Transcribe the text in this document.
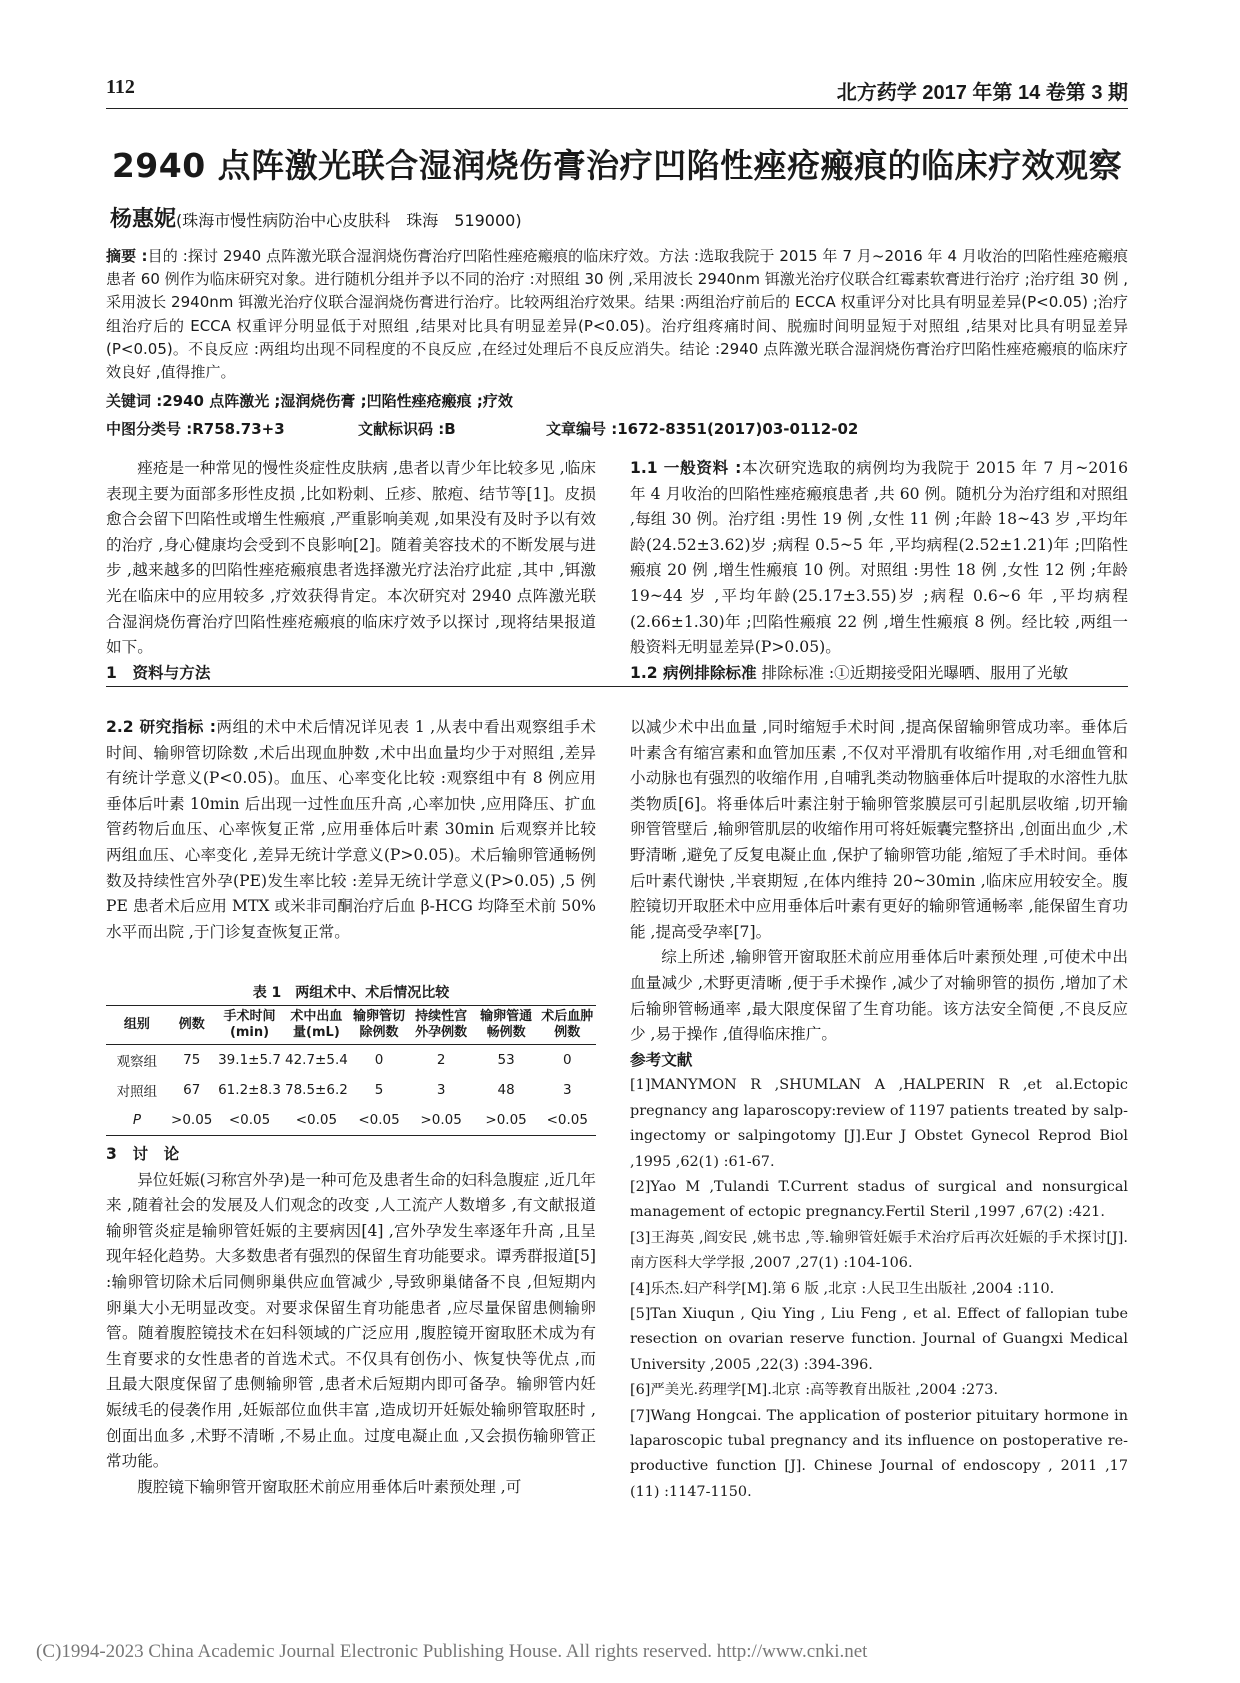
112	北方药学 2017 年第 14 卷第 3 期
2940 点阵激光联合湿润烧伤膏治疗凹陷性痤疮瘢痕的临床疗效观察
杨惠妮(珠海市慢性病防治中心皮肤科　珠海　519000)
摘要 :目的 :探讨 2940 点阵激光联合湿润烧伤膏治疗凹陷性痤疮瘢痕的临床疗效。方法 :选取我院于 2015 年 7 月~2016 年 4 月收治的凹陷性痤疮瘢痕患者 60 例作为临床研究对象。进行随机分组并予以不同的治疗 :对照组 30 例 ,采用波长 2940nm 铒激光治疗仪联合红霉素软膏进行治疗 ;治疗组 30 例 ,采用波长 2940nm 铒激光治疗仪联合湿润烧伤膏进行治疗。比较两组治疗效果。结果 :两组治疗前后的 ECCA 权重评分对比具有明显差异(P<0.05) ;治疗组治疗后的 ECCA 权重评分明显低于对照组 ,结果对比具有明显差异(P<0.05)。治疗组疼痛时间、脱痂时间明显短于对照组 ,结果对比具有明显差异(P<0.05)。不良反应 :两组均出现不同程度的不良反应 ,在经过处理后不良反应消失。结论 :2940 点阵激光联合湿润烧伤膏治疗凹陷性痤疮瘢痕的临床疗效良好 ,值得推广。
关键词 :2940 点阵激光 ;湿润烧伤膏 ;凹陷性痤疮瘢痕 ;疗效
中图分类号 :R758.73+3	文献标识码 :B	文章编号 :1672-8351(2017)03-0112-02

痤疮是一种常见的慢性炎症性皮肤病 ,患者以青少年比较多见 ,临床表现主要为面部多形性皮损 ,比如粉刺、丘疹、脓疱、结节等[1]。皮损愈合会留下凹陷性或增生性瘢痕 ,严重影响美观 ,如果没有及时予以有效的治疗 ,身心健康均会受到不良影响[2]。随着美容技术的不断发展与进步 ,越来越多的凹陷性痤疮瘢痕患者选择激光疗法治疗此症 ,其中 ,铒激光在临床中的应用较多 ,疗效获得肯定。本次研究对 2940 点阵激光联合湿润烧伤膏治疗凹陷性痤疮瘢痕的临床疗效予以探讨 ,现将结果报道如下。

1　资料与方法

1.1 一般资料 :本次研究选取的病例均为我院于 2015 年 7 月~2016 年 4 月收治的凹陷性痤疮瘢痕患者 ,共 60 例。随机分为治疗组和对照组 ,每组 30 例。治疗组 :男性 19 例 ,女性 11 例 ;年龄 18~43 岁 ,平均年龄(24.52±3.62)岁 ;病程 0.5~5 年 ,平均病程(2.52±1.21)年 ;凹陷性瘢痕 20 例 ,增生性瘢痕 10 例。对照组 :男性 18 例 ,女性 12 例 ;年龄 19~44 岁 ,平均年龄(25.17±3.55)岁 ;病程 0.6~6 年 ,平均病程(2.66±1.30)年 ;凹陷性瘢痕 22 例 ,增生性瘢痕 8 例。经比较 ,两组一般资料无明显差异(P>0.05)。

1.2 病例排除标准 排除标准 :①近期接受阳光曝晒、服用了光敏

2.2 研究指标 :两组的术中术后情况详见表 1 ,从表中看出观察组手术时间、输卵管切除数 ,术后出现血肿数 ,术中出血量均少于对照组 ,差异有统计学意义(P<0.05)。血压、心率变化比较 :观察组中有 8 例应用垂体后叶素 10min 后出现一过性血压升高 ,心率加快 ,应用降压、扩血管药物后血压、心率恢复正常 ,应用垂体后叶素 30min 后观察并比较两组血压、心率变化 ,差异无统计学意义(P>0.05)。术后输卵管通畅例数及持续性宫外孕(PE)发生率比较 :差异无统计学意义(P>0.05) ,5 例 PE 患者术后应用 MTX 或米非司酮治疗后血 β-HCG 均降至术前 50%水平而出院 ,于门诊复查恢复正常。

表 1　两组术中、术后情况比较
组别	例数	手术时间(min)	术中出血量(mL)	输卵管切除例数	持续性宫外孕例数	输卵管通畅例数	术后血肿例数
观察组	75	39.1±5.7	42.7±5.4	0	2	53	0
对照组	67	61.2±8.3	78.5±6.2	5	3	48	3
P	>0.05	<0.05	<0.05	<0.05	>0.05	>0.05	<0.05

3　讨　论

异位妊娠(习称宫外孕)是一种可危及患者生命的妇科急腹症 ,近几年来 ,随着社会的发展及人们观念的改变 ,人工流产人数增多 ,有文献报道输卵管炎症是输卵管妊娠的主要病因[4] ,宫外孕发生率逐年升高 ,且呈现年轻化趋势。大多数患者有强烈的保留生育功能要求。谭秀群报道[5] :输卵管切除术后同侧卵巢供应血管减少 ,导致卵巢储备不良 ,但短期内卵巢大小无明显改变。对要求保留生育功能患者 ,应尽量保留患侧输卵管。随着腹腔镜技术在妇科领域的广泛应用 ,腹腔镜开窗取胚术成为有生育要求的女性患者的首选术式。不仅具有创伤小、恢复快等优点 ,而且最大限度保留了患侧输卵管 ,患者术后短期内即可备孕。输卵管内妊娠绒毛的侵袭作用 ,妊娠部位血供丰富 ,造成切开妊娠处输卵管取胚时 ,创面出血多 ,术野不清晰 ,不易止血。过度电凝止血 ,又会损伤输卵管正常功能。

腹腔镜下输卵管开窗取胚术前应用垂体后叶素预处理 ,可

以减少术中出血量 ,同时缩短手术时间 ,提高保留输卵管成功率。垂体后叶素含有缩宫素和血管加压素 ,不仅对平滑肌有收缩作用 ,对毛细血管和小动脉也有强烈的收缩作用 ,自哺乳类动物脑垂体后叶提取的水溶性九肽类物质[6]。将垂体后叶素注射于输卵管浆膜层可引起肌层收缩 ,切开输卵管管壁后 ,输卵管肌层的收缩作用可将妊娠囊完整挤出 ,创面出血少 ,术野清晰 ,避免了反复电凝止血 ,保护了输卵管功能 ,缩短了手术时间。垂体后叶素代谢快 ,半衰期短 ,在体内维持 20~30min ,临床应用较安全。腹腔镜切开取胚术中应用垂体后叶素有更好的输卵管通畅率 ,能保留生育功能 ,提高受孕率[7]。

综上所述 ,输卵管开窗取胚术前应用垂体后叶素预处理 ,可使术中出血量减少 ,术野更清晰 ,便于手术操作 ,减少了对输卵管的损伤 ,增加了术后输卵管畅通率 ,最大限度保留了生育功能。该方法安全简便 ,不良反应少 ,易于操作 ,值得临床推广。

参考文献

[1]MANYMON R ,SHUMLAN A ,HALPERIN R ,et al.Ectopic pregnancy ang laparoscopy:review of 1197 patients treated by salp-ingectomy or salpingotomy [J].Eur J Obstet Gynecol Reprod Biol ,1995 ,62(1) :61-67.

[2]Yao M ,Tulandi T.Current stadus of surgical and nonsurgical management of ectopic pregnancy.Fertil Steril ,1997 ,67(2) :421.

[3]王海英 ,阎安民 ,姚书忠 ,等.输卵管妊娠手术治疗后再次妊娠的手术探讨[J].南方医科大学学报 ,2007 ,27(1) :104-106.

[4]乐杰.妇产科学[M].第 6 版 ,北京 :人民卫生出版社 ,2004 :110.

[5]Tan Xiuqun , Qiu Ying , Liu Feng , et al. Effect of fallopian tube resection on ovarian reserve function. Journal of Guangxi Medical University ,2005 ,22(3) :394-396.

[6]严美光.药理学[M].北京 :高等教育出版社 ,2004 :273.

[7]Wang Hongcai. The application of posterior pituitary hormone in laparoscopic tubal pregnancy and its influence on postoperative re-productive function [J]. Chinese Journal of endoscopy , 2011 ,17 (11) :1147-1150.

(C)1994-2023 China Academic Journal Electronic Publishing House. All rights reserved. http://www.cnki.net
